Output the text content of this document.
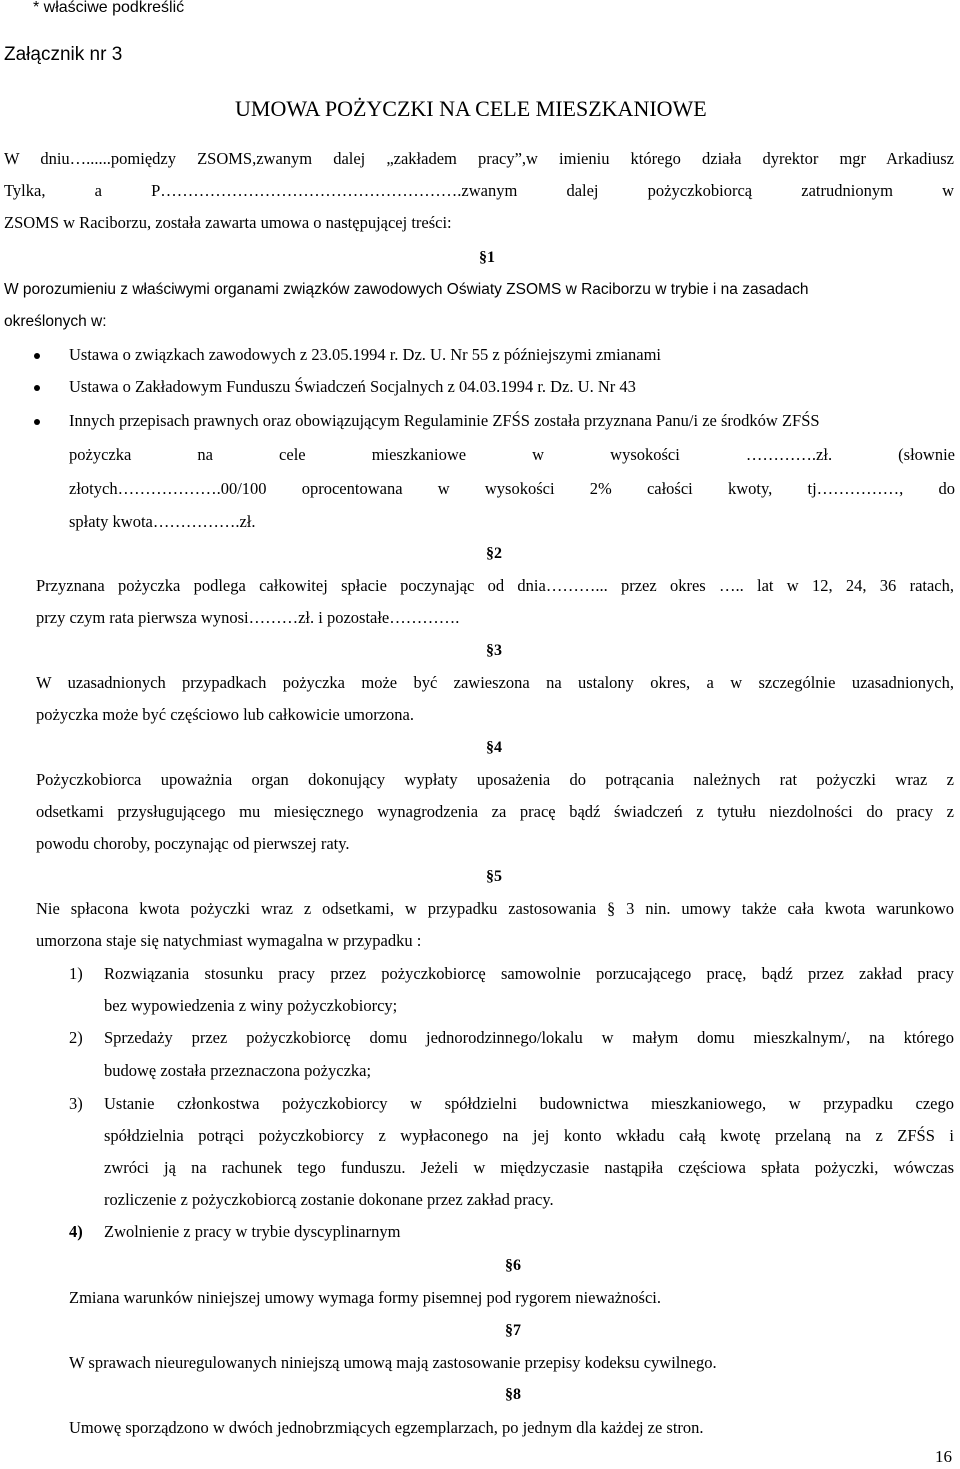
* właściwe podkreślić
Załącznik nr 3
UMOWA POŻYCZKI NA CELE MIESZKANIOWE
W dniu…......pomiędzy ZSOMS,zwanym dalej „zakładem pracy”,w imieniu którego działa dyrektor mgr Arkadiusz
Tylka, a P……………………………………………….zwanym dalej pożyczkobiorcą zatrudnionym w
ZSOMS w Raciborzu, została zawarta umowa o następującej treści:
§1
W porozumieniu z właściwymi organami związków zawodowych Oświaty ZSOMS w Raciborzu w trybie i na zasadach
określonych w:
Ustawa o związkach zawodowych z 23.05.1994 r. Dz. U. Nr 55 z późniejszymi zmianami
Ustawa o Zakładowym Funduszu Świadczeń Socjalnych z 04.03.1994 r. Dz. U. Nr 43
Innych przepisach prawnych oraz obowiązującym Regulaminie ZFŚS została przyznana Panu/i ze środków ZFŚS
pożyczka na cele mieszkaniowe w wysokości ………….zł. (słownie
złotych……………….00/100 oprocentowana w wysokości 2% całości kwoty, tj……………, do
spłaty kwota…………….zł.
§2
Przyznana pożyczka podlega całkowitej spłacie poczynając od dnia………... przez okres ….. lat w 12, 24, 36 ratach,
przy czym rata pierwsza wynosi………zł. i pozostałe………….
§3
W uzasadnionych przypadkach pożyczka może być zawieszona na ustalony okres, a w szczególnie uzasadnionych,
pożyczka może być częściowo lub całkowicie umorzona.
§4
Pożyczkobiorca upoważnia organ dokonujący wypłaty uposażenia do potrącania należnych rat pożyczki wraz z
odsetkami przysługującego mu miesięcznego wynagrodzenia za pracę bądź świadczeń z tytułu niezdolności do pracy z
powodu choroby, poczynając od pierwszej raty.
§5
Nie spłacona kwota pożyczki wraz z odsetkami, w przypadku zastosowania § 3 nin. umowy także cała kwota warunkowo
umorzona staje się natychmiast wymagalna w przypadku :
1) Rozwiązania stosunku pracy przez pożyczkobiorcę samowolnie porzucającego pracę, bądź przez zakład pracy
bez wypowiedzenia z winy pożyczkobiorcy;
2) Sprzedaży przez pożyczkobiorcę domu jednorodzinnego/lokalu w małym domu mieszkalnym/, na którego
budowę została przeznaczona pożyczka;
3) Ustanie członkostwa pożyczkobiorcy w spółdzielni budownictwa mieszkaniowego, w przypadku czego
spółdzielnia potrąci pożyczkobiorcy z wypłaconego na jej konto wkładu całą kwotę przelaną na z ZFŚS i
zwróci ją na rachunek tego funduszu. Jeżeli w międzyczasie nastąpiła częściowa spłata pożyczki, wówczas
rozliczenie z pożyczkobiorcą zostanie dokonane przez zakład pracy.
4) Zwolnienie z pracy w trybie dyscyplinarnym
§6
Zmiana warunków niniejszej umowy wymaga formy pisemnej pod rygorem nieważności.
§7
W sprawach nieuregulowanych niniejszą umową mają zastosowanie przepisy kodeksu cywilnego.
§8
Umowę sporządzono w dwóch jednobrzmiących egzemplarzach, po jednym dla każdej ze stron.
16
